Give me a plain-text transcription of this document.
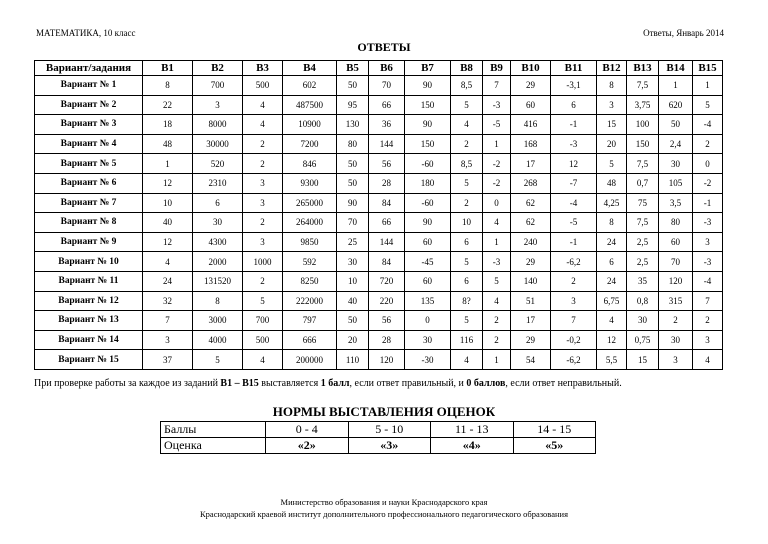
МАТЕМАТИКА, 10 класс	Ответы, Январь 2014
ОТВЕТЫ
Вариант/задания	B1	B2	B3	B4	B5	B6	B7	B8	B9	B10	B11	B12	B13	B14	B15
Вариант № 1	8	700	500	602	50	70	90	8,5	7	29	-3,1	8	7,5	1	1
Вариант № 2	22	3	4	487500	95	66	150	5	-3	60	6	3	3,75	620	5
Вариант № 3	18	8000	4	10900	130	36	90	4	-5	416	-1	15	100	50	-4
Вариант № 4	48	30000	2	7200	80	144	150	2	1	168	-3	20	150	2,4	2
Вариант № 5	1	520	2	846	50	56	-60	8,5	-2	17	12	5	7,5	30	0
Вариант № 6	12	2310	3	9300	50	28	180	5	-2	268	-7	48	0,7	105	-2
Вариант № 7	10	6	3	265000	90	84	-60	2	0	62	-4	4,25	75	3,5	-1
Вариант № 8	40	30	2	264000	70	66	90	10	4	62	-5	8	7,5	80	-3
Вариант № 9	12	4300	3	9850	25	144	60	6	1	240	-1	24	2,5	60	3
Вариант № 10	4	2000	1000	592	30	84	-45	5	-3	29	-6,2	6	2,5	70	-3
Вариант № 11	24	131520	2	8250	10	720	60	6	5	140	2	24	35	120	-4
Вариант № 12	32	8	5	222000	40	220	135	8?	4	51	3	6,75	0,8	315	7
Вариант № 13	7	3000	700	797	50	56	0	5	2	17	7	4	30	2	2
Вариант № 14	3	4000	500	666	20	28	30	116	2	29	-0,2	12	0,75	30	3
Вариант № 15	37	5	4	200000	110	120	-30	4	1	54	-6,2	5,5	15	3	4
При проверке работы за каждое из заданий B1 – B15 выставляется 1 балл, если ответ правильный, и 0 баллов, если ответ неправильный.
НОРМЫ ВЫСТАВЛЕНИЯ ОЦЕНОК
Баллы	0 - 4	5 - 10	11 - 13	14 - 15
Оценка	«2»	«3»	«4»	«5»
Министерство образования и науки Краснодарского края
Краснодарский краевой институт дополнительного профессионального педагогического образования
